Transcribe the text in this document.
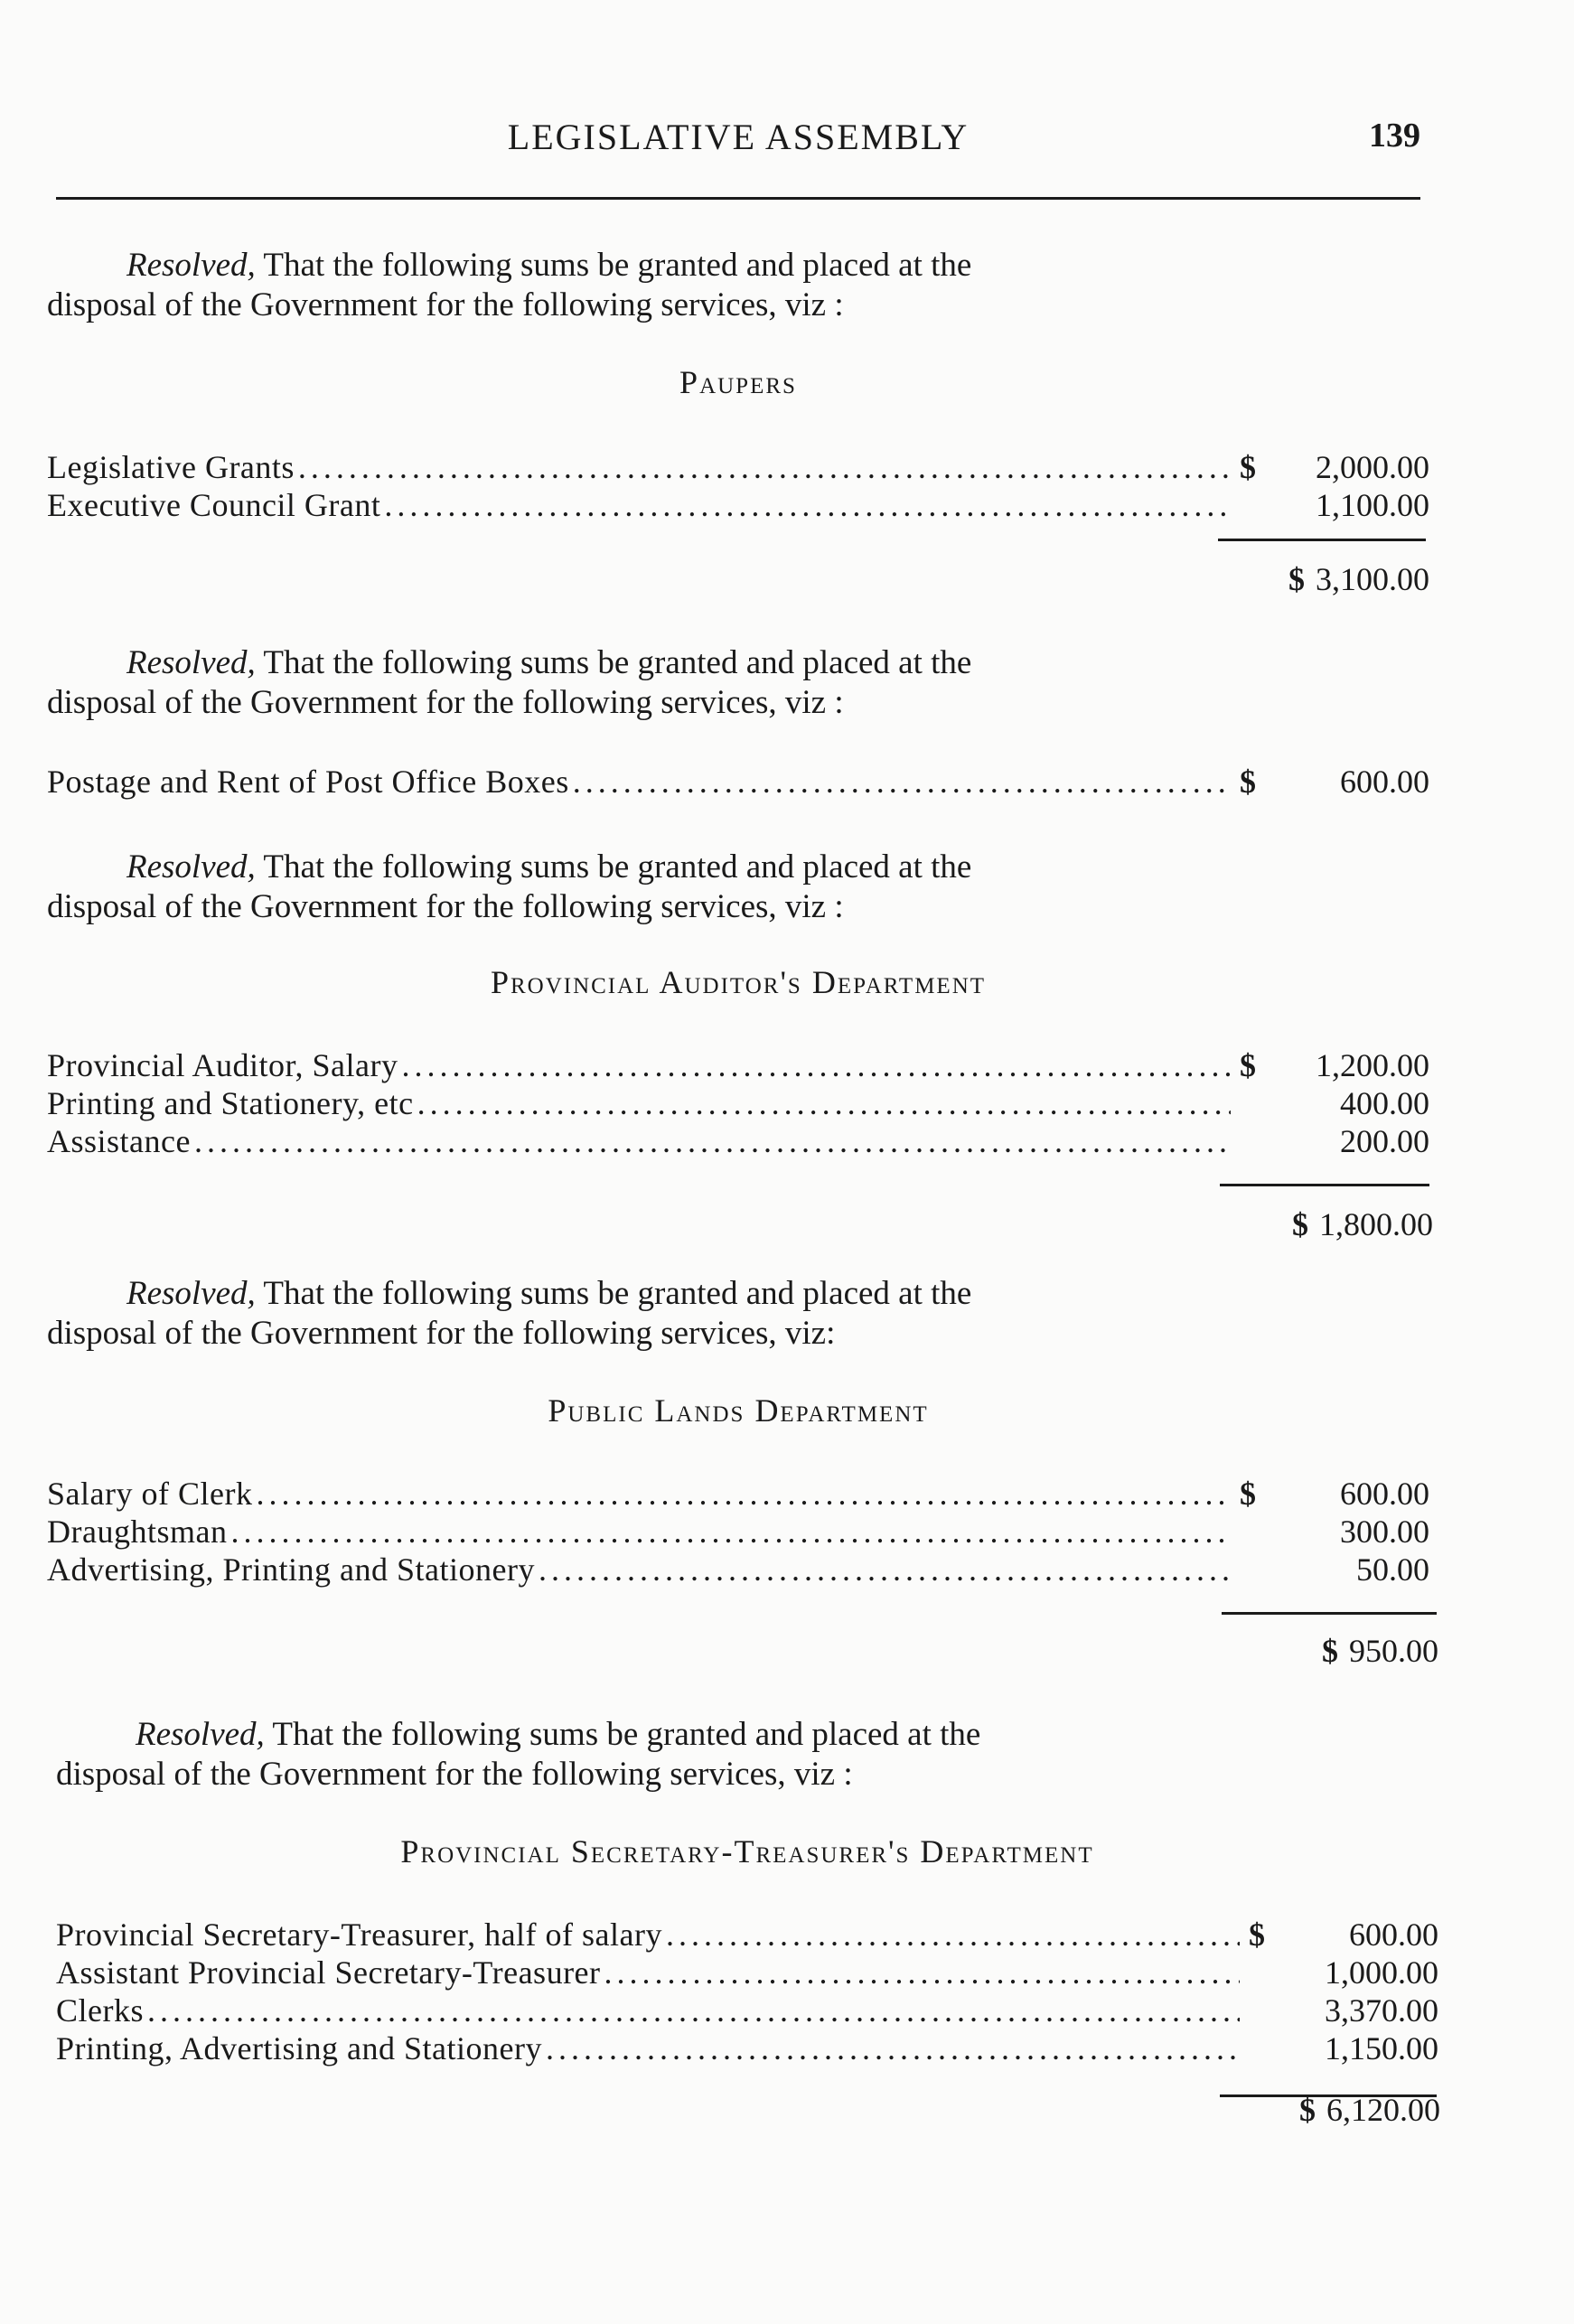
LEGISLATIVE ASSEMBLY	139

Resolved, That the following sums be granted and placed at the
disposal of the Government for the following services, viz :

Paupers

Legislative Grants . . .	$	2,000.00
Executive Council Grant . . .	1,100.00
$ 3,100.00

Resolved, That the following sums be granted and placed at the
disposal of the Government for the following services, viz :

Postage and Rent of Post Office Boxes . . .	$	600.00

Resolved, That the following sums be granted and placed at the
disposal of the Government for the following services, viz :

Provincial Auditor's Department

Provincial Auditor, Salary . . .	$	1,200.00
Printing and Stationery, etc . . .	400.00
Assistance . . .	200.00
$ 1,800.00

Resolved, That the following sums be granted and placed at the
disposal of the Government for the following services, viz:

Public Lands Department

Salary of Clerk . . .	$	600.00
Draughtsman . . .	300.00
Advertising, Printing and Stationery . . .	50.00
$ 950.00

Resolved, That the following sums be granted and placed at the
disposal of the Government for the following services, viz :

Provincial Secretary-Treasurer's Department

Provincial Secretary-Treasurer, half of salary . . .	$	600.00
Assistant Provincial Secretary-Treasurer . . .	1,000.00
Clerks . . .	3,370.00
Printing, Advertising and Stationery . . .	1,150.00
$ 6,120.00
